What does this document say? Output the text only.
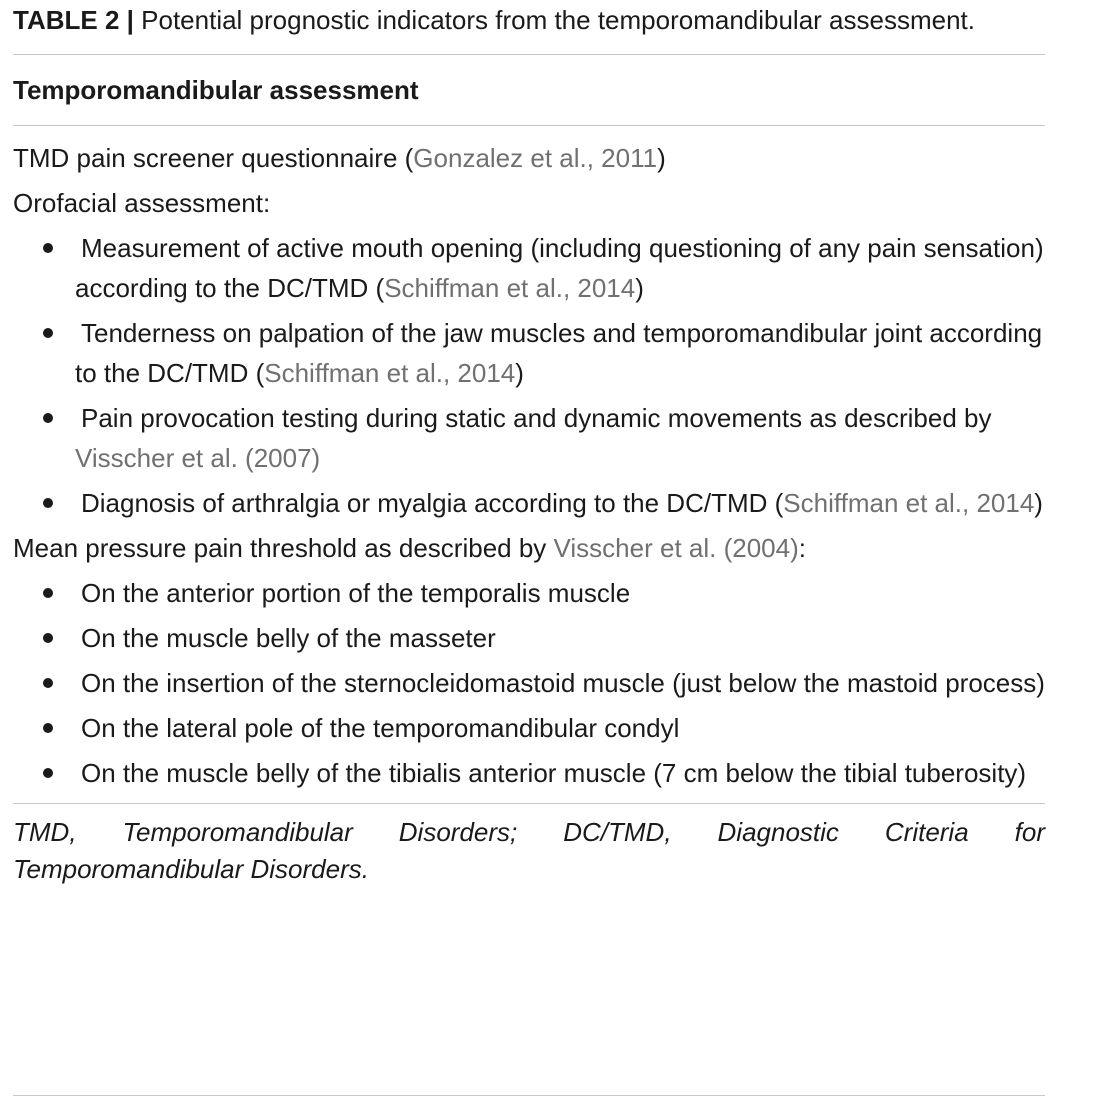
TABLE 2 | Potential prognostic indicators from the temporomandibular assessment.
Temporomandibular assessment
TMD pain screener questionnaire (Gonzalez et al., 2011)
Orofacial assessment:
Measurement of active mouth opening (including questioning of any pain sensation) according to the DC/TMD (Schiffman et al., 2014)
Tenderness on palpation of the jaw muscles and temporomandibular joint according to the DC/TMD (Schiffman et al., 2014)
Pain provocation testing during static and dynamic movements as described by Visscher et al. (2007)
Diagnosis of arthralgia or myalgia according to the DC/TMD (Schiffman et al., 2014)
Mean pressure pain threshold as described by Visscher et al. (2004):
On the anterior portion of the temporalis muscle
On the muscle belly of the masseter
On the insertion of the sternocleidomastoid muscle (just below the mastoid process)
On the lateral pole of the temporomandibular condyl
On the muscle belly of the tibialis anterior muscle (7 cm below the tibial tuberosity)
TMD, Temporomandibular Disorders; DC/TMD, Diagnostic Criteria for
Temporomandibular Disorders.
